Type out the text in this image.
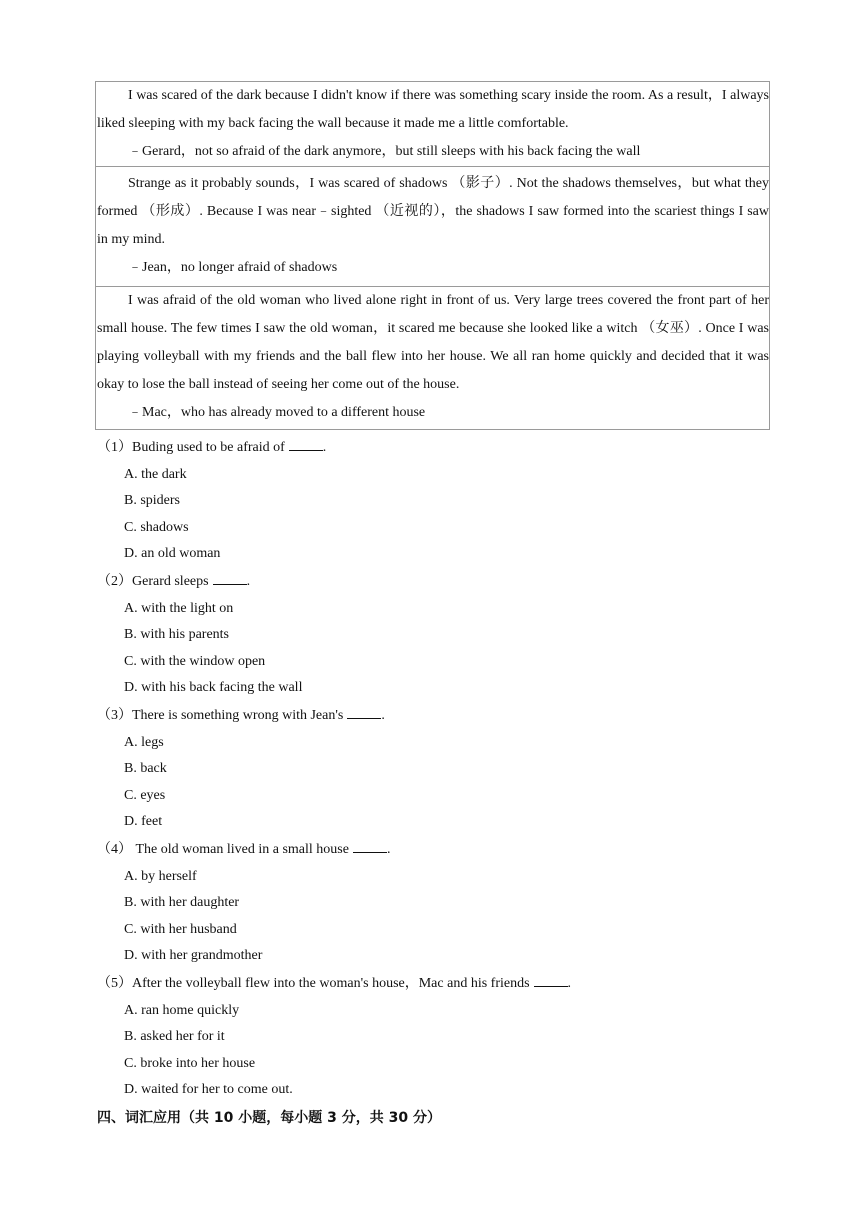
I was scared of the dark because I didn't know if there was something scary inside the room. As a result，I always liked sleeping with my back facing the wall because it made me a little comfortable.

﹣Gerard，not so afraid of the dark anymore，but still sleeps with his back facing the wall

Strange as it probably sounds，I was scared of shadows （影子）. Not the shadows themselves，but what they formed （形成）. Because I was near﹣sighted （近视的），the shadows I saw formed into the scariest things I saw in my mind.

﹣Jean，no longer afraid of shadows

I was afraid of the old woman who lived alone right in front of us. Very large trees covered the front part of her small house. The few times I saw the old woman，it scared me because she looked like a witch （女巫）. Once I was playing volleyball with my friends and the ball flew into her house. We all ran home quickly and decided that it was okay to lose the ball instead of seeing her come out of the house.

﹣Mac，who has already moved to a different house

（1）Buding used to be afraid of	.
A. the dark
B. spiders
C. shadows
D. an old woman
（2）Gerard sleeps	.
A. with the light on
B. with his parents
C. with the window open
D. with his back facing the wall
（3）There is something wrong with Jean's	.
A. legs
B. back
C. eyes
D. feet
（4） The old woman lived in a small house	.
A. by herself
B. with her daughter
C. with her husband
D. with her grandmother
（5）After the volleyball flew into the woman's house，Mac and his friends	.
A. ran home quickly
B. asked her for it
C. broke into her house
D. waited for her to come out.
四、词汇应用（共 10 小题，每小题 3 分，共 30 分）
